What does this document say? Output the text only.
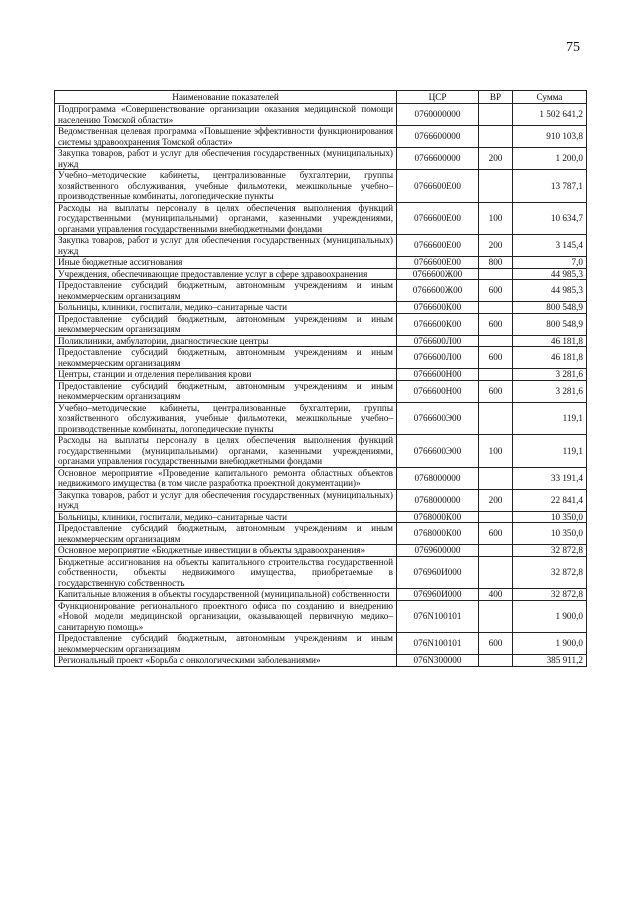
75
Наименование показателей	ЦСР	ВР	Сумма
Подпрограмма «Совершенствование организации оказания медицинской помощи населению Томской области»	0760000000		1 502 641,2
Ведомственная целевая программа «Повышение эффективности функционирования системы здравоохранения Томской области»	0766600000		910 103,8
Закупка товаров, работ и услуг для обеспечения государственных (муниципальных) нужд	0766600000	200	1 200,0
Учебно–методические кабинеты, централизованные бухгалтерии, группы хозяйственного обслуживания, учебные фильмотеки, межшкольные учебно–производственные комбинаты, логопедические пункты	0766600Е00		13 787,1
Расходы на выплаты персоналу в целях обеспечения выполнения функций государственными (муниципальными) органами, казенными учреждениями, органами управления государственными внебюджетными фондами	0766600Е00	100	10 634,7
Закупка товаров, работ и услуг для обеспечения государственных (муниципальных) нужд	0766600Е00	200	3 145,4
Иные бюджетные ассигнования	0766600Е00	800	7,0
Учреждения, обеспечивающие предоставление услуг в сфере здравоохранения	0766600Ж00		44 985,3
Предоставление субсидий бюджетным, автономным учреждениям и иным некоммерческим организациям	0766600Ж00	600	44 985,3
Больницы, клиники, госпитали, медико–санитарные части	0766600К00		800 548,9
Предоставление субсидий бюджетным, автономным учреждениям и иным некоммерческим организациям	0766600К00	600	800 548,9
Поликлиники, амбулатории, диагностические центры	0766600Л00		46 181,8
Предоставление субсидий бюджетным, автономным учреждениям и иным некоммерческим организациям	0766600Л00	600	46 181,8
Центры, станции и отделения переливания крови	0766600Н00		3 281,6
Предоставление субсидий бюджетным, автономным учреждениям и иным некоммерческим организациям	0766600Н00	600	3 281,6
Учебно–методические кабинеты, централизованные бухгалтерии, группы хозяйственного обслуживания, учебные фильмотеки, межшкольные учебно–производственные комбинаты, логопедические пункты	0766600Э00		119,1
Расходы на выплаты персоналу в целях обеспечения выполнения функций государственными (муниципальными) органами, казенными учреждениями, органами управления государственными внебюджетными фондами	0766600Э00	100	119,1
Основное мероприятие «Проведение капитального ремонта областных объектов недвижимого имущества (в том числе разработка проектной документации)»	0768000000		33 191,4
Закупка товаров, работ и услуг для обеспечения государственных (муниципальных) нужд	0768000000	200	22 841,4
Больницы, клиники, госпитали, медико–санитарные части	0768000К00		10 350,0
Предоставление субсидий бюджетным, автономным учреждениям и иным некоммерческим организациям	0768000К00	600	10 350,0
Основное мероприятие «Бюджетные инвестиции в объекты здравоохранения»	0769600000		32 872,8
Бюджетные ассигнования на объекты капитального строительства государственной собственности, объекты недвижимого имущества, приобретаемые в государственную собственность	076960И000		32 872,8
Капитальные вложения в объекты государственной (муниципальной) собственности	076960И000	400	32 872,8
Функционирование регионального проектного офиса по созданию и внедрению «Новой модели медицинской организации, оказывающей первичную медико–санитарную помощь»	076N100101		1 900,0
Предоставление субсидий бюджетным, автономным учреждениям и иным некоммерческим организациям	076N100101	600	1 900,0
Региональный проект «Борьба с онкологическими заболеваниями»	076N300000		385 911,2
